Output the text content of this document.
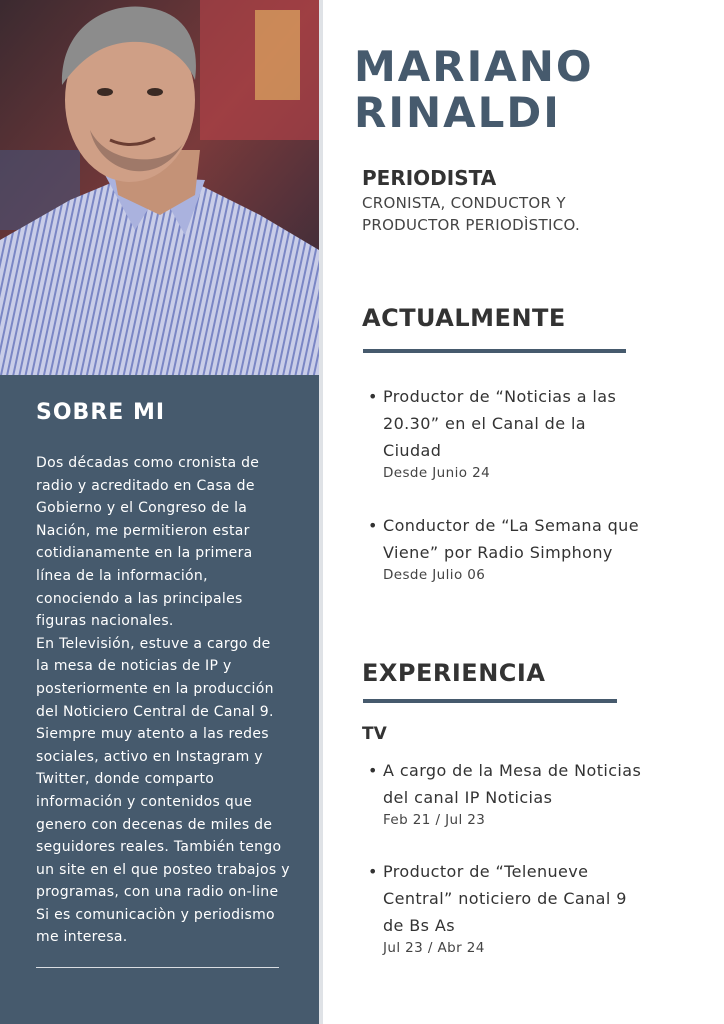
SOBRE MI

Dos décadas como cronista de

radio y acreditado en Casa de

Gobierno y el Congreso de la

Nación, me permitieron estar

cotidianamente en la primera

línea de la información,

conociendo a las principales

figuras nacionales.

En Televisión, estuve a cargo de

la mesa de noticias de IP y

posteriormente en la producción

del Noticiero Central de Canal 9.

Siempre muy atento a las redes

sociales, activo en Instagram y

Twitter, donde comparto

información y contenidos que

genero con decenas de miles de

seguidores reales. También tengo

un site en el que posteo trabajos y

programas, con una radio on-line

Si es comunicaciòn y periodismo

me interesa.

MARIANO
RINALDI
PERIODISTA
CRONISTA, CONDUCTOR Y
PRODUCTOR PERIODÌSTICO.
ACTUALMENTE
• Productor de “Noticias a las
20.30” en el Canal de la
Ciudad
Desde Junio 24
• Conductor de “La Semana que
Viene” por Radio Simphony
Desde Julio 06
EXPERIENCIA
TV
• A cargo de la Mesa de Noticias
del canal IP Noticias
Feb 21 / Jul 23
• Productor de “Telenueve
Central” noticiero de Canal 9
de Bs As
Jul 23 / Abr 24
